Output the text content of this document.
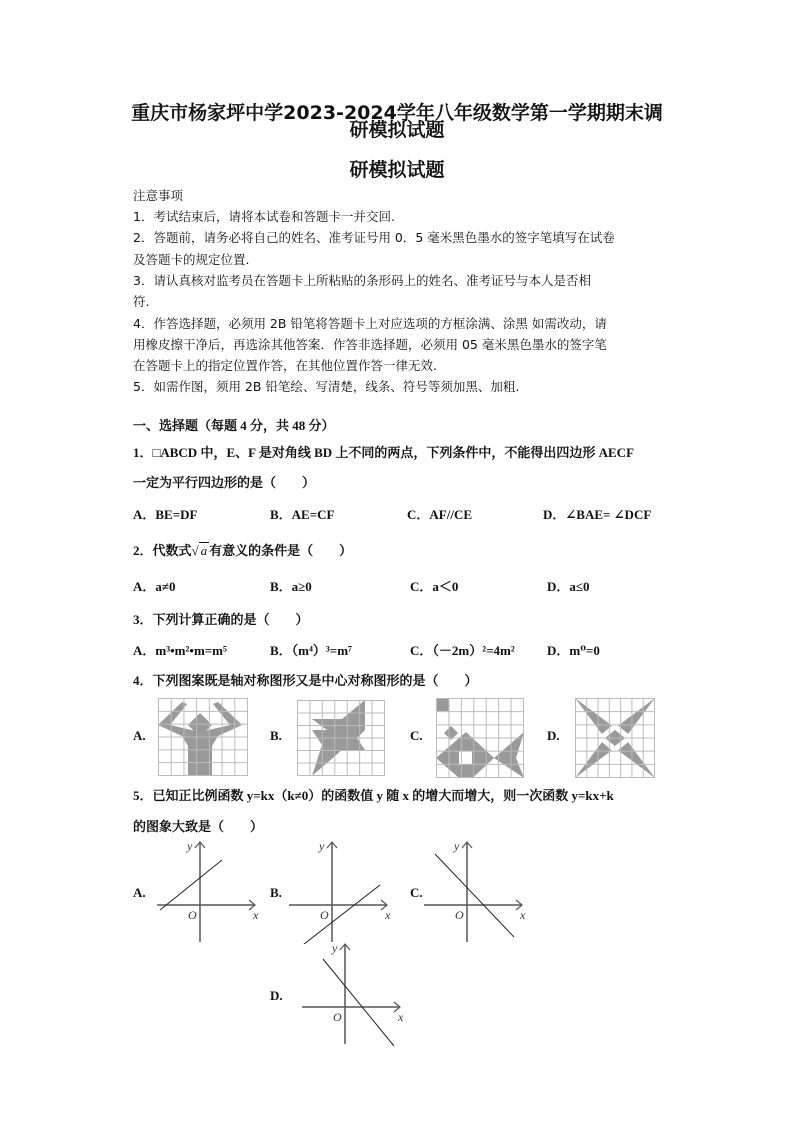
重庆市杨家坪中学2023-2024学年八年级数学第一学期期末调
研模拟试题
研模拟试题
注意事项
1．考试结束后，请将本试卷和答题卡一并交回.
2．答题前，请务必将自己的姓名、准考证号用 0．5 毫米黑色墨水的签字笔填写在试卷
及答题卡的规定位置.
3．请认真核对监考员在答题卡上所粘贴的条形码上的姓名、准考证号与本人是否相
符.
4．作答选择题，必须用 2B 铅笔将答题卡上对应选项的方框涂满、涂黑 如需改动，请
用橡皮擦干净后，再选涂其他答案．作答非选择题，必须用 05 毫米黑色墨水的签字笔
在答题卡上的指定位置作答，在其他位置作答一律无效.
5．如需作图，须用 2B 铅笔绘、写清楚，线条、符号等须加黑、加粗.
一、选择题（每题 4 分，共 48 分）
1．□ABCD 中，E、F 是对角线 BD 上不同的两点，下列条件中，不能得出四边形 AECF
一定为平行四边形的是（　　）
A．BE=DF	B．AE=CF	C．AF//CE	D．∠BAE= ∠DCF
2．代数式√ a 有意义的条件是（　　）
A．a≠0	B．a≥0	C．a＜0	D．a≤0
3．下列计算正确的是（　　）
A．m³•m²•m=m⁵	B．（m⁴）³=m⁷	C．（－2m）²=4m² D．m⁰=0
4．下列图案既是轴对称图形又是中心对称图形的是（　　）
A.	B.	C.	D.
5．已知正比例函数 y=kx（k≠0）的函数值 y 随 x 的增大而增大，则一次函数 y=kx+k
的图象大致是（　　）
A.	B.	C.
D.
y
x
O
y
x
O
y
x
O
y
x
O
